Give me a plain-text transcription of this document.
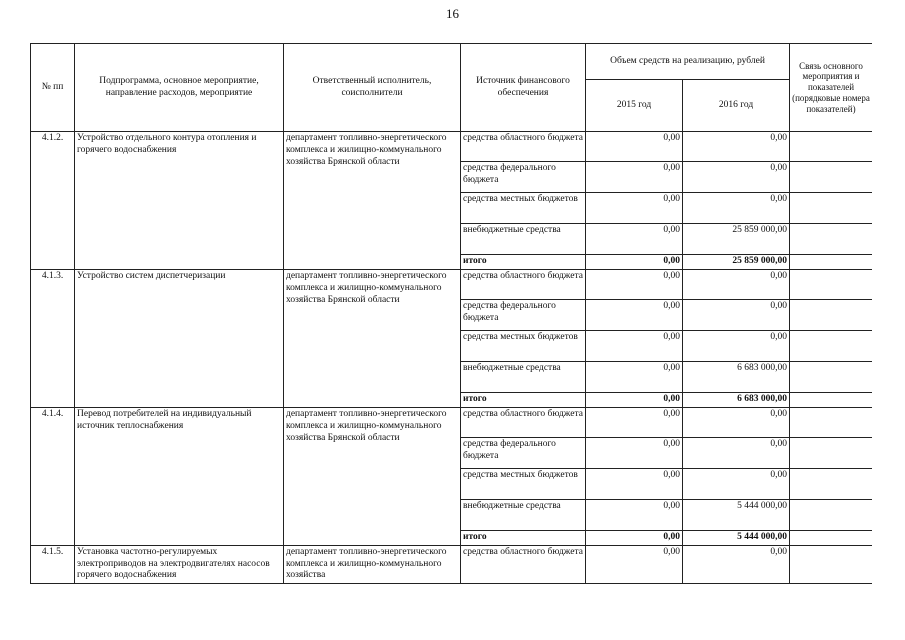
16
№ пп	Подпрограмма, основное мероприятие, направление расходов, мероприятие	Ответственный исполнитель, соисполнители	Источник финансового обеспечения	Объем средств на реализацию, рублей		Связь основного мероприятия и показателей (порядковые номера показателей)
				2015 год	2016 год	
4.1.2.	Устройство отдельного контура отопления и горячего водоснабжения	департамент топливно-энергетического комплекса и жилищно-коммунального хозяйства Брянской области	средства областного бюджета	0,00	0,00	
			средства федерального бюджета	0,00	0,00	
			средства местных бюджетов	0,00	0,00	
			внебюджетные средства	0,00	25 859 000,00	
			итого	0,00	25 859 000,00	
4.1.3.	Устройство систем диспетчеризации	департамент топливно-энергетического комплекса и жилищно-коммунального хозяйства Брянской области	средства областного бюджета	0,00	0,00	
			средства федерального бюджета	0,00	0,00	
			средства местных бюджетов	0,00	0,00	
			внебюджетные средства	0,00	6 683 000,00	
			итого	0,00	6 683 000,00	
4.1.4.	Перевод потребителей на индивидуальный источник теплоснабжения	департамент топливно-энергетического комплекса и жилищно-коммунального хозяйства Брянской области	средства областного бюджета	0,00	0,00	
			средства федерального бюджета	0,00	0,00	
			средства местных бюджетов	0,00	0,00	
			внебюджетные средства	0,00	5 444 000,00	
			итого	0,00	5 444 000,00	
4.1.5.	Установка частотно-регулируемых электроприводов на электродвигателях насосов горячего водоснабжения	департамент топливно-энергетического комплекса и жилищно-коммунального хозяйства	средства областного бюджета	0,00	0,00	
